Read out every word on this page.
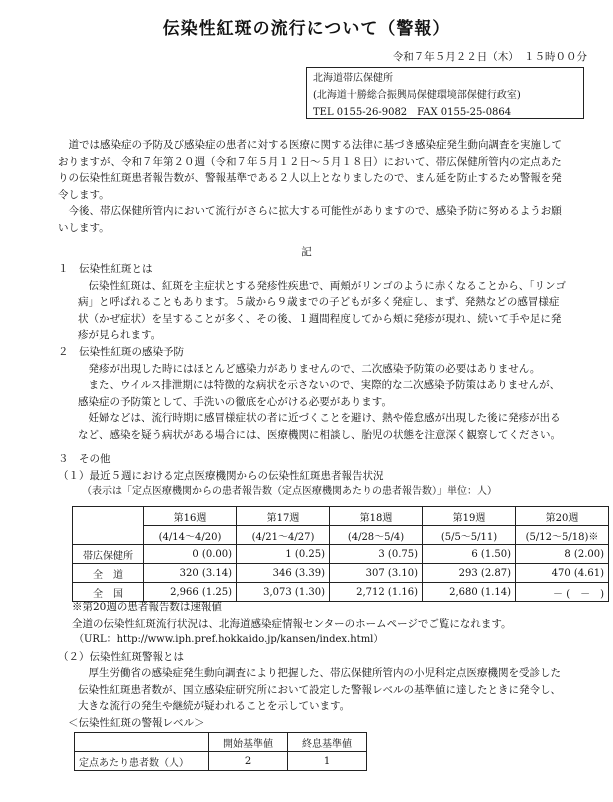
伝染性紅斑の流行について（警報）
令和７年５月２２日（木）　１５時００分
北海道帯広保健所
(北海道十勝総合振興局保健環境部保健行政室)
TEL 0155-26-9082　FAX 0155-25-0864

道では感染症の予防及び感染症の患者に対する医療に関する法律に基づき感染症発生動向調査を実施しておりますが、令和７年第２０週（令和７年５月１２日～５月１８日）において、帯広保健所管内の定点あたりの伝染性紅斑患者報告数が、警報基準である２人以上となりましたので、まん延を防止するため警報を発令します。

今後、帯広保健所管内において流行がさらに拡大する可能性がありますので、感染予防に努めるようお願いします。

記

１　伝染性紅斑とは

伝染性紅斑は、紅斑を主症状とする発疹性疾患で、両頬がリンゴのように赤くなることから、「リンゴ病」と呼ばれることもあります。５歳から９歳までの子どもが多く発症し、まず、発熱などの感冒様症状（かぜ症状）を呈することが多く、その後、１週間程度してから頬に発疹が現れ、続いて手や足に発疹が見られます。

２　伝染性紅斑の感染予防

発疹が出現した時にはほとんど感染力がありませんので、二次感染予防策の必要はありません。

また、ウイルス排泄期には特徴的な病状を示さないので、実際的な二次感染予防策はありませんが、感染症の予防策として、手洗いの徹底を心がける必要があります。

妊婦などは、流行時期に感冒様症状の者に近づくことを避け、熱や倦怠感が出現した後に発疹が出るなど、感染を疑う病状がある場合には、医療機関に相談し、胎児の状態を注意深く観察してください。

３　その他

（１）最近５週における定点医療機関からの伝染性紅斑患者報告状況

（表示は「定点医療機関からの患者報告数（定点医療機関あたりの患者報告数）」単位：人）

	第16週	第17週	第18週	第19週	第20週
	(4/14～4/20)	(4/21～4/27)	(4/28～5/4)	(5/5～5/11)	(5/12～5/18)※
帯広保健所	0 (0.00)	1 (0.25)	3 (0.75)	6 (1.50)	8 (2.00)
全　道	320 (3.14)	346 (3.39)	307 (3.10)	293 (2.87)	470 (4.61)
全　国	2,966 (1.25)	3,073 (1.30)	2,712 (1.16)	2,680 (1.14)	－ (　－　)

※第20週の患者報告数は速報値

全道の伝染性紅斑流行状況は、北海道感染症情報センターのホームページでご覧になれます。

（URL：http://www.iph.pref.hokkaido.jp/kansen/index.html）

（２）伝染性紅斑警報とは

厚生労働省の感染症発生動向調査により把握した、帯広保健所管内の小児科定点医療機関を受診した伝染性紅斑患者数が、国立感染症研究所において設定した警報レベルの基準値に達したときに発令し、大きな流行の発生や継続が疑われることを示しています。

＜伝染性紅斑の警報レベル＞

	開始基準値	終息基準値
定点あたり患者数（人）	2	1
